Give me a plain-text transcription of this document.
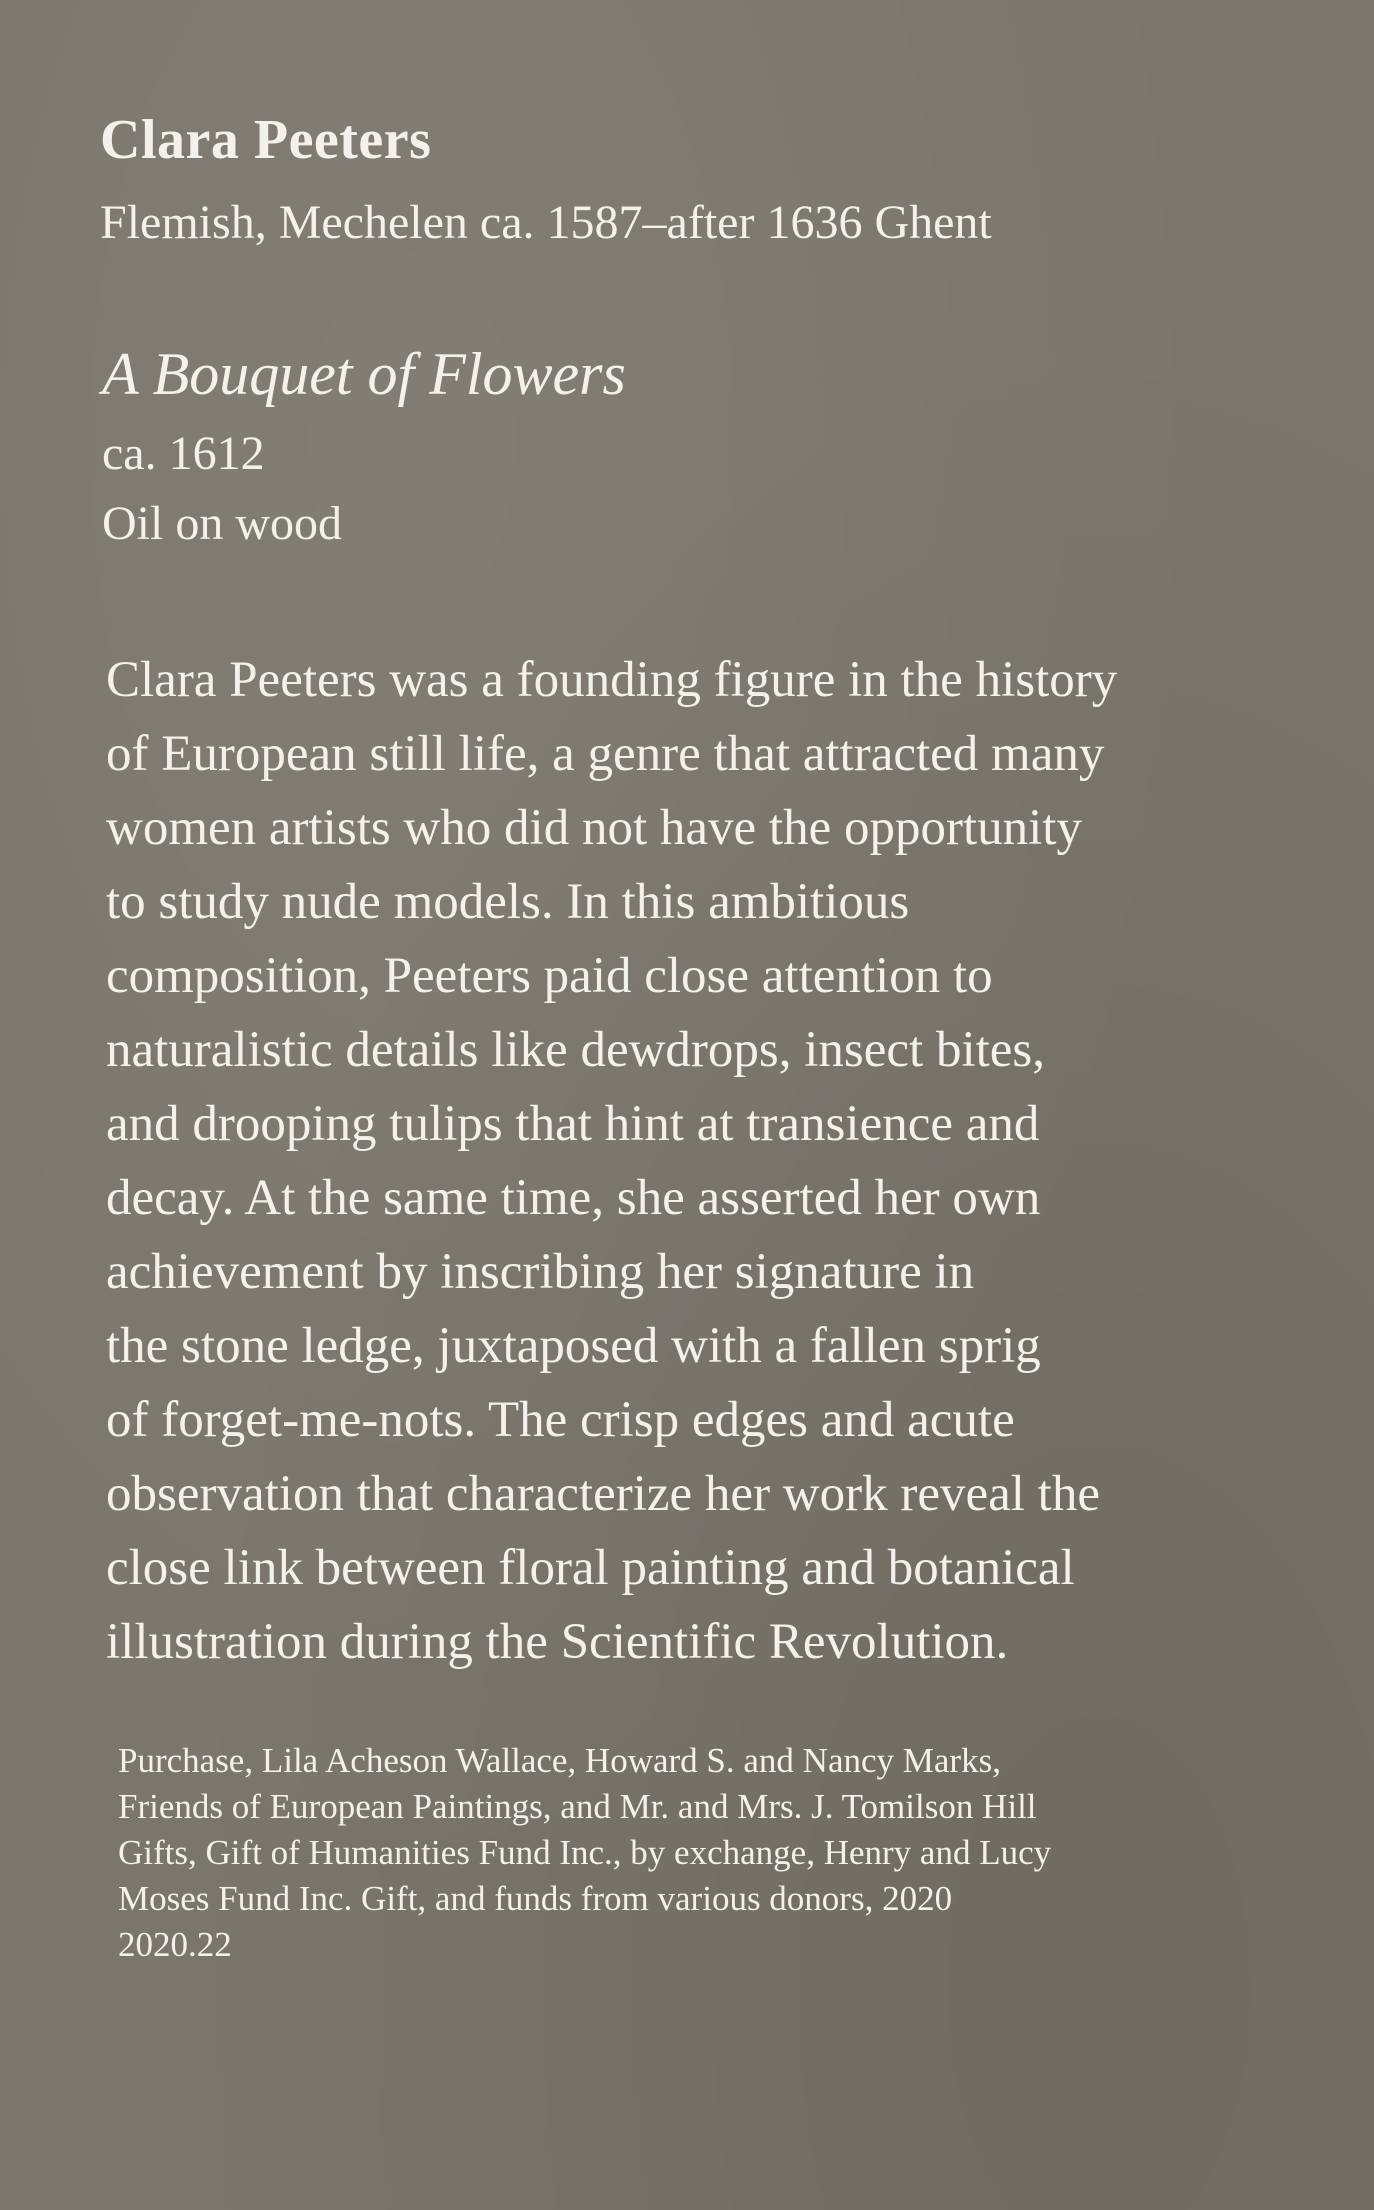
Clara Peeters

Flemish, Mechelen ca. 1587–after 1636 Ghent

A Bouquet of Flowers

ca. 1612

Oil on wood

Clara Peeters was a founding figure in the history
of European still life, a genre that attracted many
women artists who did not have the opportunity
to study nude models. In this ambitious
composition, Peeters paid close attention to
naturalistic details like dewdrops, insect bites,
and drooping tulips that hint at transience and
decay. At the same time, she asserted her own
achievement by inscribing her signature in
the stone ledge, juxtaposed with a fallen sprig
of forget-me-nots. The crisp edges and acute
observation that characterize her work reveal the
close link between floral painting and botanical
illustration during the Scientific Revolution.
Purchase, Lila Acheson Wallace, Howard S. and Nancy Marks,
Friends of European Paintings, and Mr. and Mrs. J. Tomilson Hill
Gifts, Gift of Humanities Fund Inc., by exchange, Henry and Lucy
Moses Fund Inc. Gift, and funds from various donors, 2020
2020.22
